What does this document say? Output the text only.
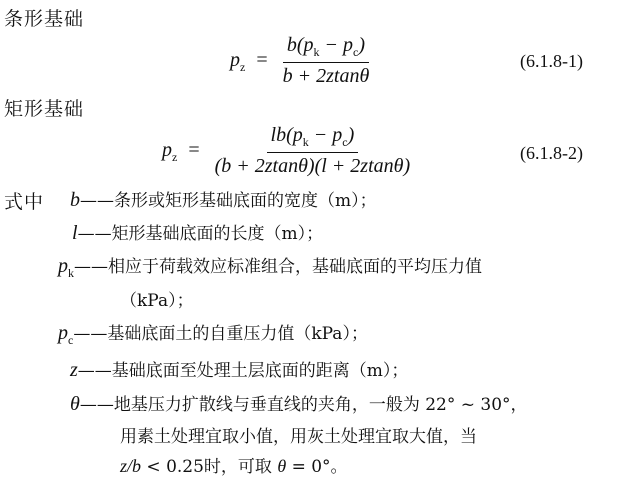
条形基础
$p_z = \frac{b(p_k - p_c)}{b + 2ztan\theta}$	(6.1.8-1)
矩形基础
$p_z = \frac{lb(p_k - p_c)}{(b + 2ztan\theta)(l + 2ztan\theta)}$	(6.1.8-2)
式中 b——条形或矩形基础底面的宽度（m）；
l——矩形基础底面的长度（m）；
$p_k——$相应于荷载效应标准组合，基础底面的平均压力值
（kPa）；
$p_c——$基础底面土的自重压力值（kPa）；
z——基础底面至处理土层底面的距离（m）；
θ——地基压力扩散线与垂直线的夹角，一般为 22° ~ 30°，
用素土处理宜取小值，用灰土处理宜取大值，当
z/b < 0.25时，可取 θ = 0°。
